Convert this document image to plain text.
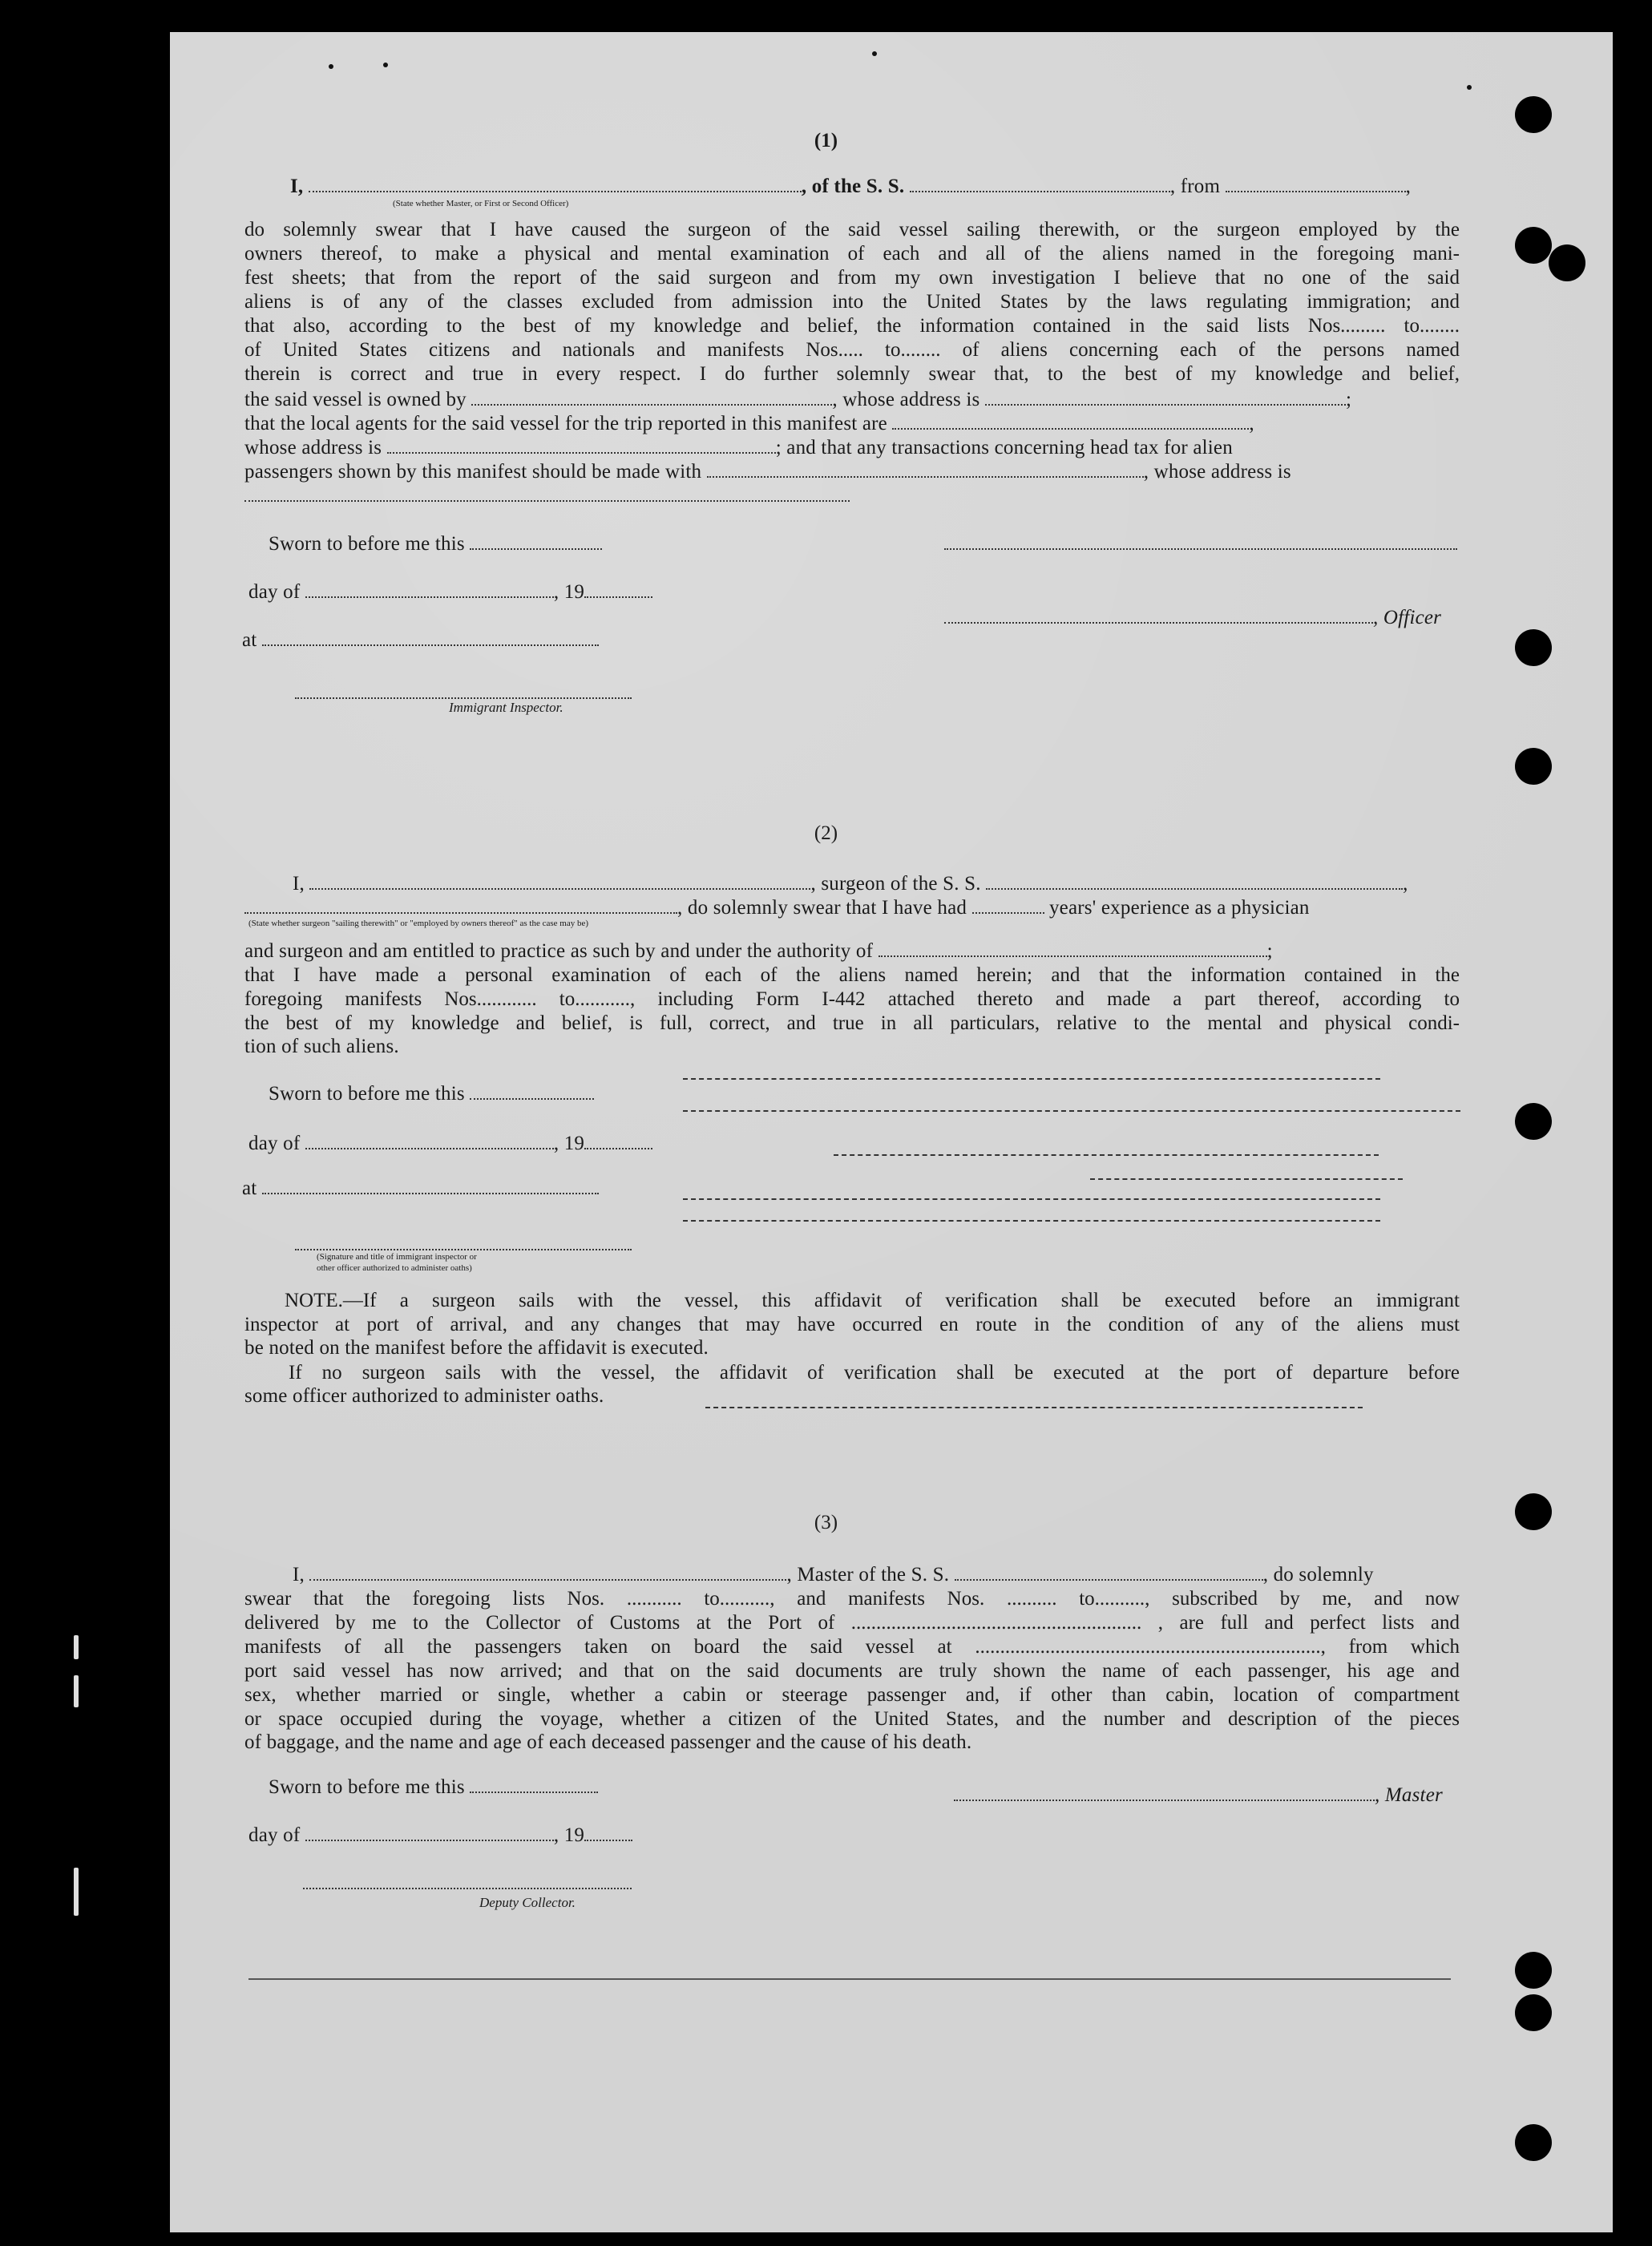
(1)
I,	, of the S. S.	, from	,
(State whether Master, or First or Second Officer)
do solemnly swear that I have caused the surgeon of the said vessel sailing therewith, or the surgeon employed by the
owners thereof, to make a physical and mental examination of each and all of the aliens named in the foregoing mani-
fest sheets; that from the report of the said surgeon and from my own investigation I believe that no one of the said
aliens is of any of the classes excluded from admission into the United States by the laws regulating immigration; and
that also, according to the best of my knowledge and belief, the information contained in the said lists Nos......... to........
of United States citizens and nationals and manifests Nos..... to........ of aliens concerning each of the persons named
therein is correct and true in every respect. I do further solemnly swear that, to the best of my knowledge and belief,
the said vessel is owned by	, whose address is	;
that the local agents for the said vessel for the trip reported in this manifest are	,
whose address is	; and that any transactions concerning head tax for alien
passengers shown by this manifest should be made with	, whose address is
Sworn to before me this
day of	, 19
, Officer
at
Immigrant Inspector.
(2)
I,	, surgeon of the S. S.	,
, do solemnly swear that I have had	years' experience as a physician
(State whether surgeon "sailing therewith" or "employed by owners thereof" as the case may be)
and surgeon and am entitled to practice as such by and under the authority of	;
that I have made a personal examination of each of the aliens named herein; and that the information contained in the
foregoing manifests Nos............ to..........., including Form I-442 attached thereto and made a part thereof, according to
the best of my knowledge and belief, is full, correct, and true in all particulars, relative to the mental and physical condi-
tion of such aliens.
Sworn to before me this
day of	, 19
at
(Signature and title of immigrant inspector or
other officer authorized to administer oaths)
NOTE.—If a surgeon sails with the vessel, this affidavit of verification shall be executed before an immigrant
inspector at port of arrival, and any changes that may have occurred en route in the condition of any of the aliens must
be noted on the manifest before the affidavit is executed.
If no surgeon sails with the vessel, the affidavit of verification shall be executed at the port of departure before
some officer authorized to administer oaths.
(3)
I,	, Master of the S. S.	, do solemnly
swear that the foregoing lists Nos. ........... to.........., and manifests Nos. .......... to.........., subscribed by me, and now
delivered by me to the Collector of Customs at the Port of .......................................................... , are full and perfect lists and
manifests of all the passengers taken on board the said vessel at ....................................................................., from which
port said vessel has now arrived; and that on the said documents are truly shown the name of each passenger, his age and
sex, whether married or single, whether a cabin or steerage passenger and, if other than cabin, location of compartment
or space occupied during the voyage, whether a citizen of the United States, and the number and description of the pieces
of baggage, and the name and age of each deceased passenger and the cause of his death.
Sworn to before me this	, Master
day of	, 19
Deputy Collector.
